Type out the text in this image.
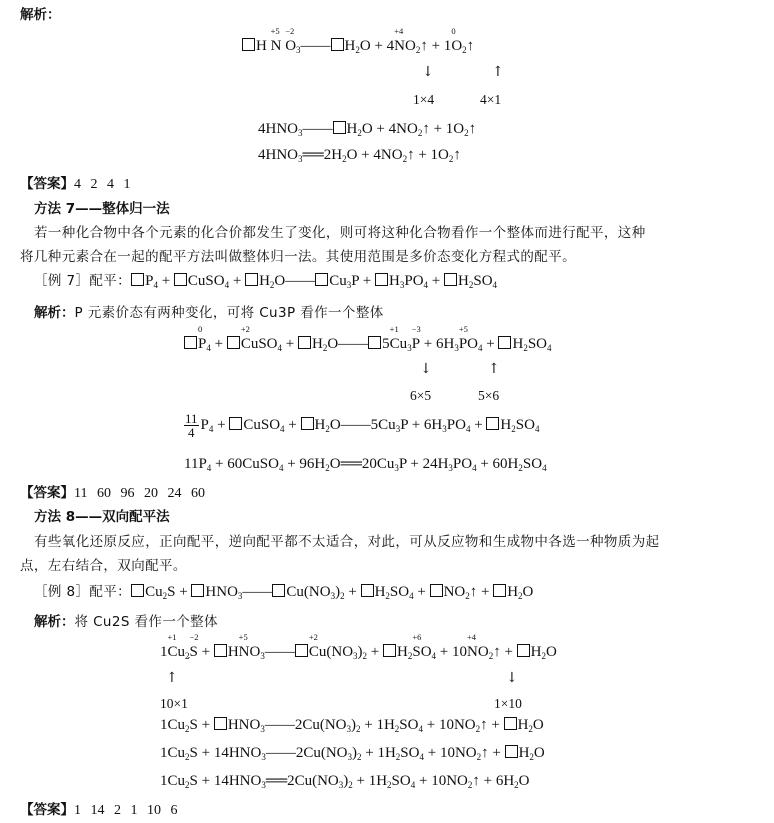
解析：
H
+5
N
−2
$O_3——$ $H_2O + 4$
+4
$NO_2↑ + 1$
0
$O_2↑$
↓	↑
1×4	4×1
$4HNO_3——$ $H_2O$ + $4NO_2↑$ + $1O_2↑$
$4HNO_3══2H_2O$ + $4NO_2↑$ + $1O_2↑$
【答案】4 2 4 1
方法 7——整体归一法
若一种化合物中各个元素的化合价都发生了变化，则可将这种化合物看作一个整体而进行配平，这种
将几种元素合在一起的配平方法叫做整体归一法。其使用范围是多价态变化方程式的配平。
［例 7］配平： $P_4$ + CuSO$_4$ + $H_2O——$ $Cu_3P + H_3PO_4 + H_2SO_4$
解析：P 元素价态有两种变化，可将 Cu3P 看作一个整体
0
$P_4$ +
+2
CuSO$_4$ + $H_2O——$ 5
+1
$Cu_3$
−3
$P + 6H_3$
+5
$PO_4 + H_2SO_4$
↓	↑
6×5	5×6
$\frac{11}{4} P_4$ + CuSO$_4$ + $H_2O——5Cu_3P + 6H_3PO_4 + H_2SO_4$
$11P_4$ + 60CuSO$_4$ + $96H_2O══20Cu_3P + 24H_3PO_4 + 60H_2SO_4$
【答案】11 60 96 20 24 60
方法 8——双向配平法
有些氧化还原反应，正向配平，逆向配平都不太适合，对此，可从反应物和生成物中各选一种物质为起
点，左右结合，双向配平。
［例 8］配平： $Cu_2S$ + $HNO_3——$ $Cu(NO_3)_2 + H_2SO_4$ + $NO_2↑ + H_2O$
解析：将 Cu2S 看作一个整体
1
+1
$Cu_2$
−2
S + H
+5
$NO_3——$
+2
$Cu(NO_3)_2 + H_2$
+6
$SO_4 + 10$
+4
$NO_2↑ + H_2O$
↑	↓
10×1	1×10
$1Cu_2S$ + $HNO_3——2Cu(NO_3)_2 + 1H_2SO_4$ + $10NO_2↑ + H_2O$
$1Cu_2S$ + $14HNO_3——2Cu(NO_3)_2 + 1H_2SO_4$ + $10NO_2↑ + H_2O$
$1Cu_2S$ + $14HNO_3══2Cu(NO_3)_2 + 1H_2SO_4$ + $10NO_2↑ + 6H_2O$
【答案】1 14 2 1 10 6
